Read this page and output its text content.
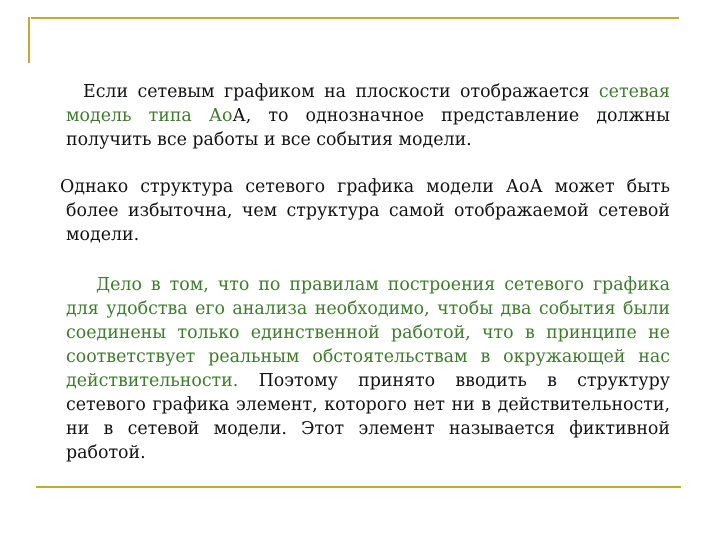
Если сетевым графиком на плоскости отображается сетевая модель типа АоА, то однозначное представление должны получить все работы и все события модели.

Однако структура сетевого графика модели АоА может быть более избыточна, чем структура самой отображаемой сетевой модели.

Дело в том, что по правилам построения сетевого графика для удобства его анализа необходимо, чтобы два события были соединены только единственной работой, что в принципе не соответствует реальным обстоятельствам в окружающей нас действительности. Поэтому принято вводить в структуру сетевого графика элемент, которого нет ни в действительности, ни в сетевой модели. Этот элемент называется фиктивной работой.
